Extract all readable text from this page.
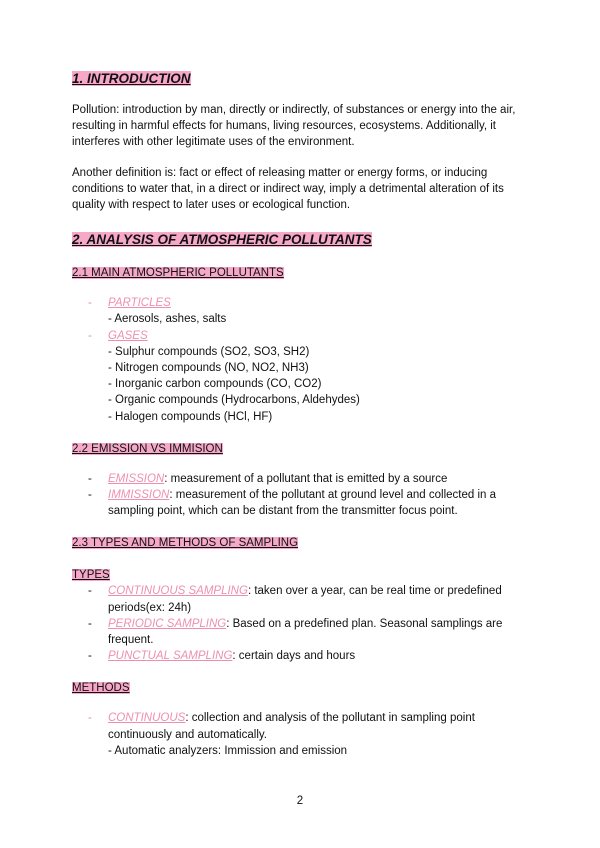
1. INTRODUCTION

Pollution: introduction by man, directly or indirectly, of substances or energy into the air, resulting in harmful effects for humans, living resources, ecosystems. Additionally, it interferes with other legitimate uses of the environment.

Another definition is: fact or effect of releasing matter or energy forms, or inducing conditions to water that, in a direct or indirect way, imply a detrimental alteration of its quality with respect to later uses or ecological function.

2. ANALYSIS OF ATMOSPHERIC POLLUTANTS
2.1 MAIN ATMOSPHERIC POLLUTANTS
- PARTICLES
- Aerosols, ashes, salts
- GASES
- Sulphur compounds (SO2, SO3, SH2)
- Nitrogen compounds (NO, NO2, NH3)
- Inorganic carbon compounds (CO, CO2)
- Organic compounds (Hydrocarbons, Aldehydes)
- Halogen compounds (HCl, HF)
2.2 EMISSION VS IMMISION
- EMISSION: measurement of a pollutant that is emitted by a source
- IMMISSION: measurement of the pollutant at ground level and collected in a sampling point, which can be distant from the transmitter focus point.
2.3 TYPES AND METHODS OF SAMPLING
TYPES
- CONTINUOUS SAMPLING: taken over a year, can be real time or predefined periods(ex: 24h)
- PERIODIC SAMPLING: Based on a predefined plan. Seasonal samplings are frequent.
- PUNCTUAL SAMPLING: certain days and hours
METHODS
- CONTINUOUS: collection and analysis of the pollutant in sampling point continuously and automatically.
- Automatic analyzers: Immission and emission
2
